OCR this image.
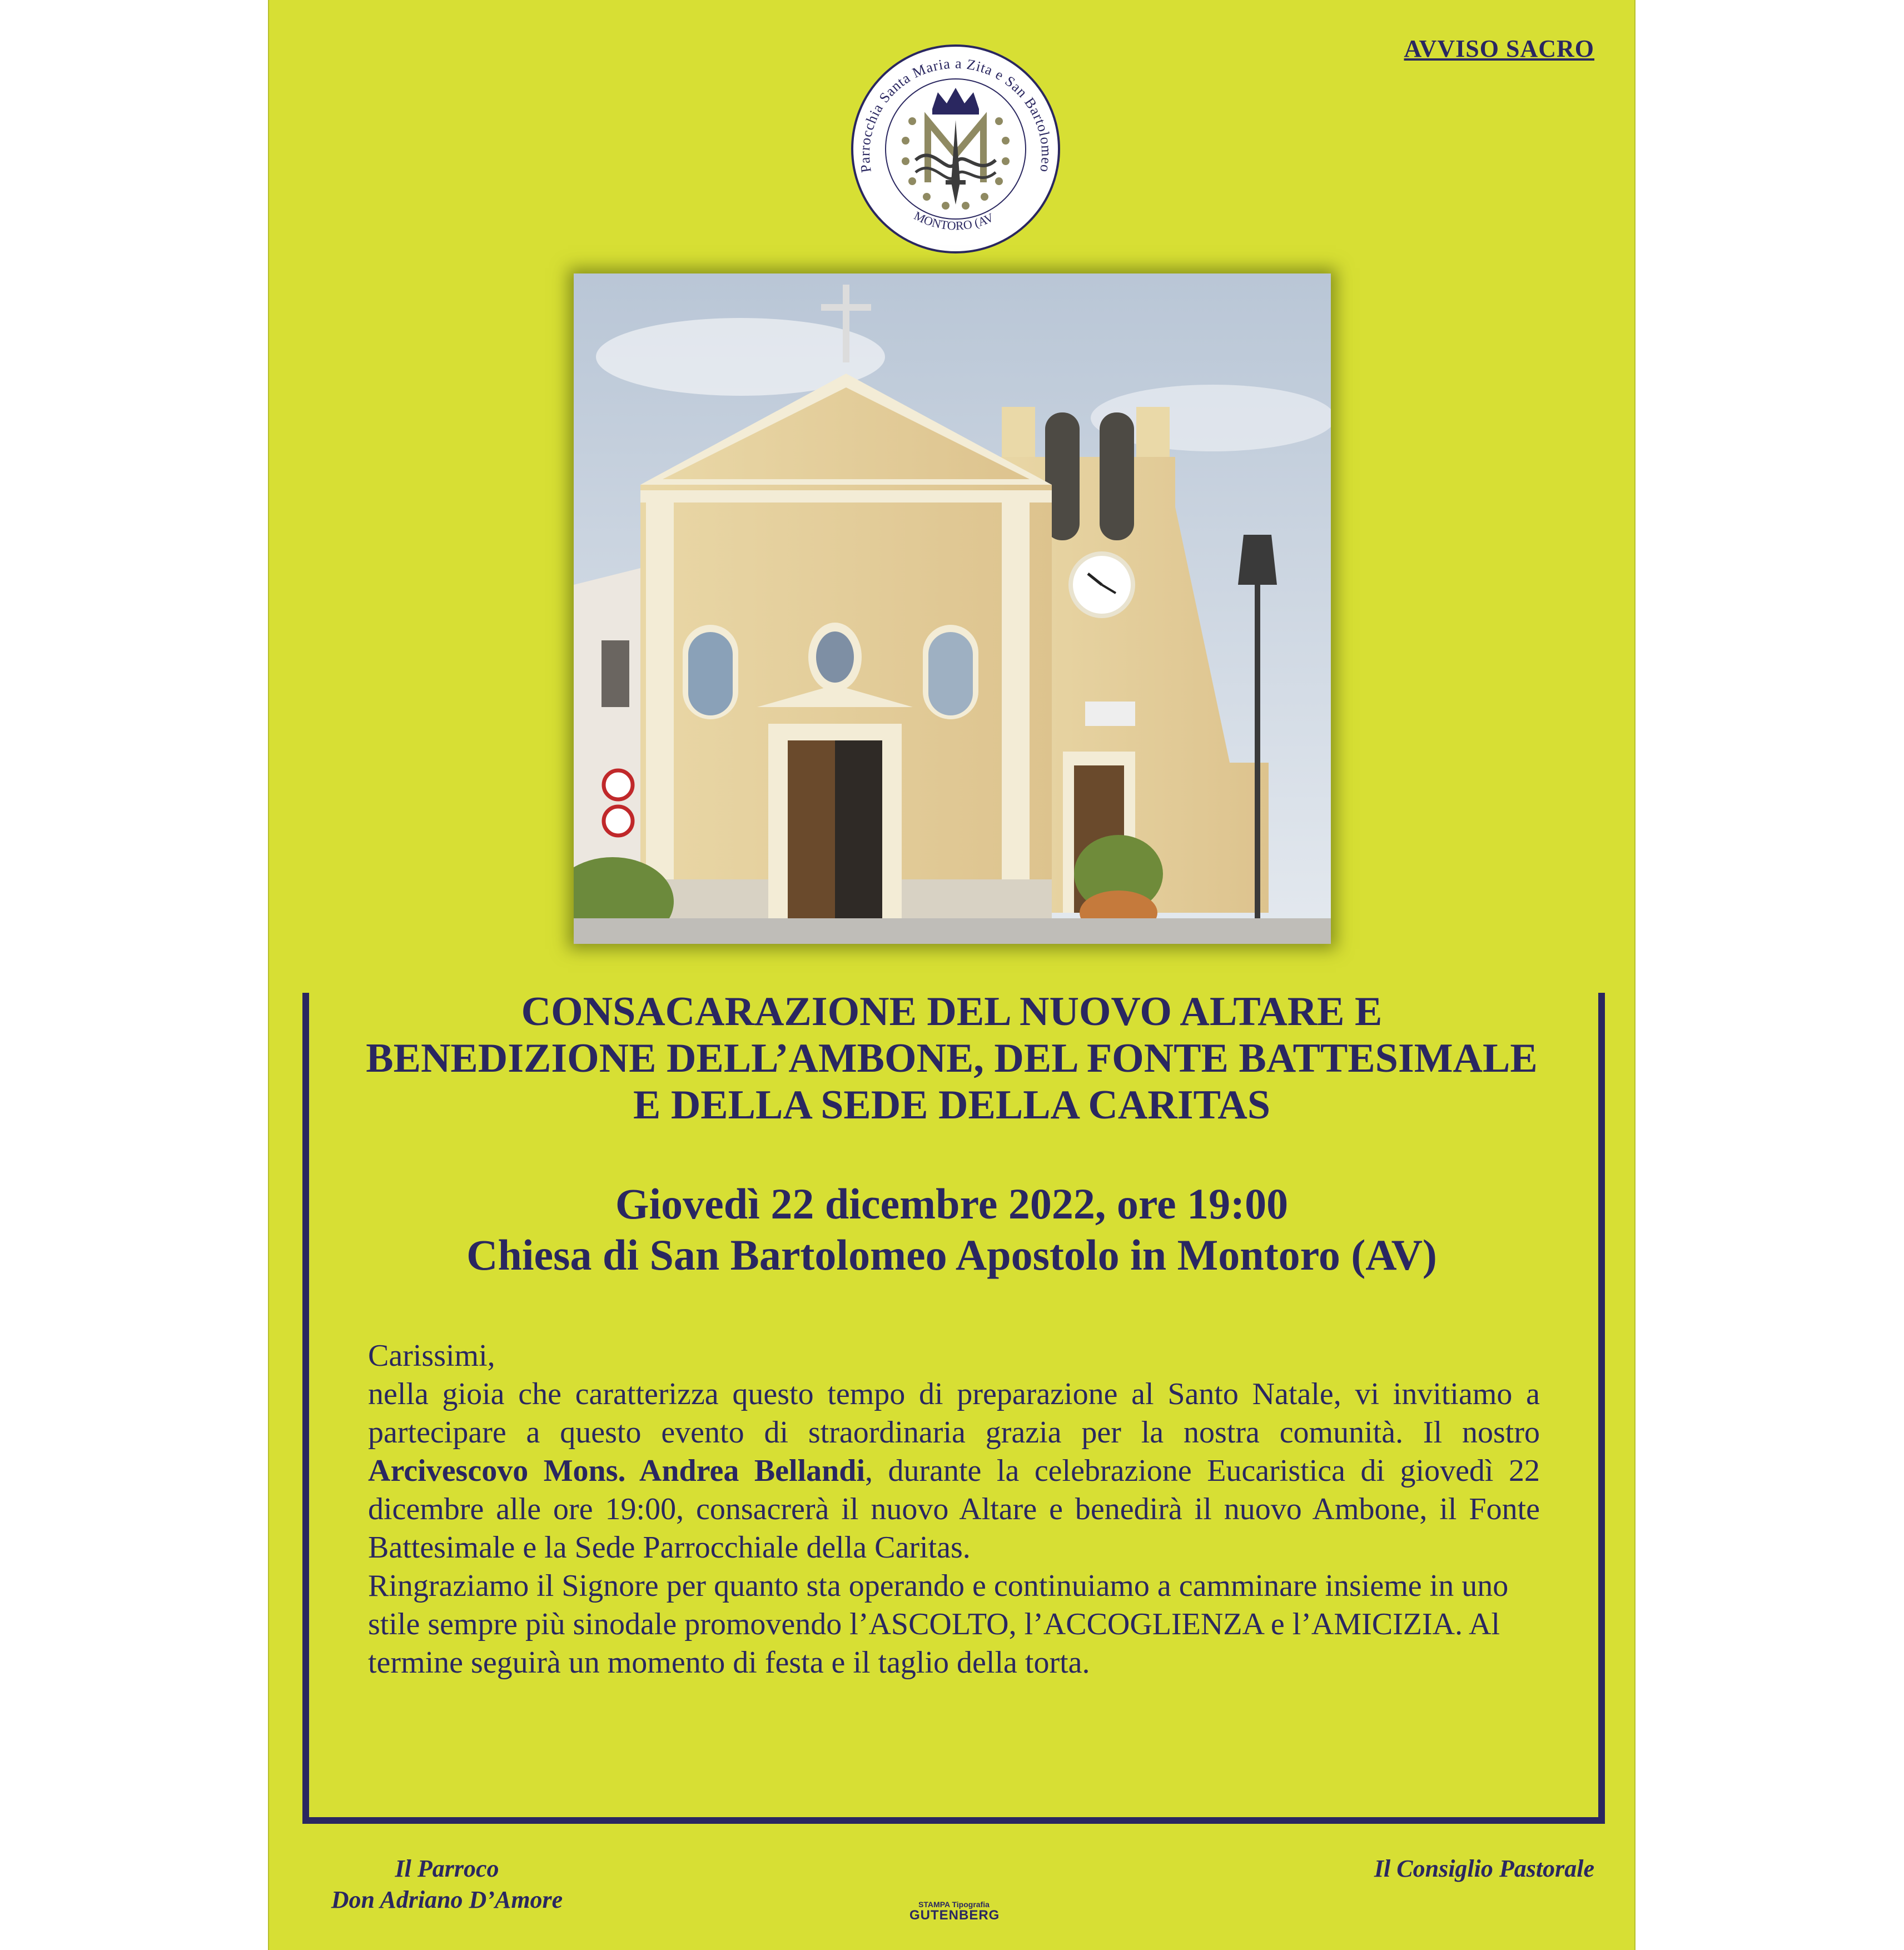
AVVISO SACRO
Parrocchia Santa Maria a Zita e San Bartolomeo
MONTORO (AV
CONSACARAZIONE DEL NUOVO ALTARE E
BENEDIZIONE DELL’AMBONE, DEL FONTE BATTESIMALE
E DELLA SEDE DELLA CARITAS
Giovedì 22 dicembre 2022, ore 19:00
Chiesa di San Bartolomeo Apostolo in Montoro (AV)

Carissimi,

nella gioia che caratterizza questo tempo di preparazione al Santo Natale, vi invitiamo a partecipare a questo evento di straordinaria grazia per la nostra comunità. Il nostro Arcivescovo Mons. Andrea Bellandi, durante la celebrazione Eucaristica di giovedì 22 dicembre alle ore 19:00, consacrerà il nuovo Altare e benedirà il nuovo Ambone, il Fonte Battesimale e la Sede Parrocchiale della Caritas.

Ringraziamo il Signore per quanto sta operando e continuiamo a camminare insieme in uno stile sempre più sinodale promovendo l’ASCOLTO, l’ACCOGLIENZA e l’AMICIZIA. Al termine seguirà un momento di festa e il taglio della torta.

Il Parroco
Don Adriano D’Amore
Il Consiglio Pastorale
STAMPA Tipografia
GUTENBERG
